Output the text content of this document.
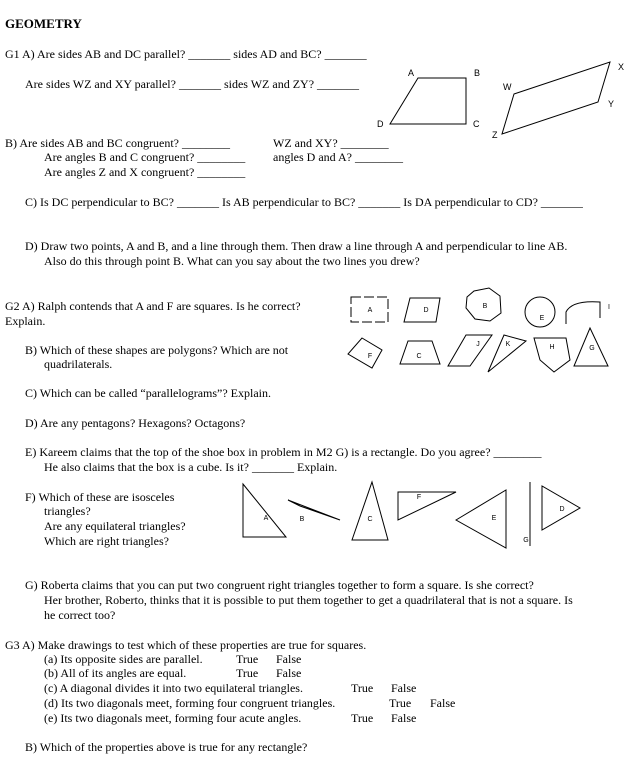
GEOMETRY
G1 A) Are sides AB and DC parallel? _______ sides AD and BC? _______
Are sides WZ and XY parallel? _______ sides WZ and ZY? _______
B) Are sides AB and BC congruent? ________	WZ and XY? ________
Are angles B and C congruent? ________ angles D and A? ________
Are angles Z and X congruent? ________
C) Is DC perpendicular to BC? _______ Is AB perpendicular to BC? _______ Is DA perpendicular to CD? _______
D) Draw two points, A and B, and a line through them. Then draw a line through A and perpendicular to line AB.
Also do this through point B. What can you say about the two lines you drew?
G2 A) Ralph contends that A and F are squares. Is he correct?
Explain.
B) Which of these shapes are polygons? Which are not
quadrilaterals.
C) Which can be called “parallelograms”? Explain.
D) Are any pentagons? Hexagons? Octagons?
E) Kareem claims that the top of the shoe box in problem in M2 G) is a rectangle. Do you agree? ________
He also claims that the box is a cube. Is it? _______ Explain.
F) Which of these are isosceles
triangles?
Are any equilateral triangles?
Which are right triangles?
G) Roberta claims that you can put two congruent right triangles together to form a square. Is she correct?
Her brother, Roberto, thinks that it is possible to put them together to get a quadrilateral that is not a square. Is
he correct too?
G3 A) Make drawings to test which of these properties are true for squares.
(a) Its opposite sides are parallel.	True False
(b) All of its angles are equal.	True False
(c) A diagonal divides it into two equilateral triangles.	True False
(d) Its two diagonals meet, forming four congruent triangles.	True False
(e) Its two diagonals meet, forming four acute angles.	True False
B) Which of the properties above is true for any rectangle?
A	B
C
D
W
X
Y
Z
A	D
B
E
I
F	C
J	K	H	G
A	B	C
F
E
D
G
